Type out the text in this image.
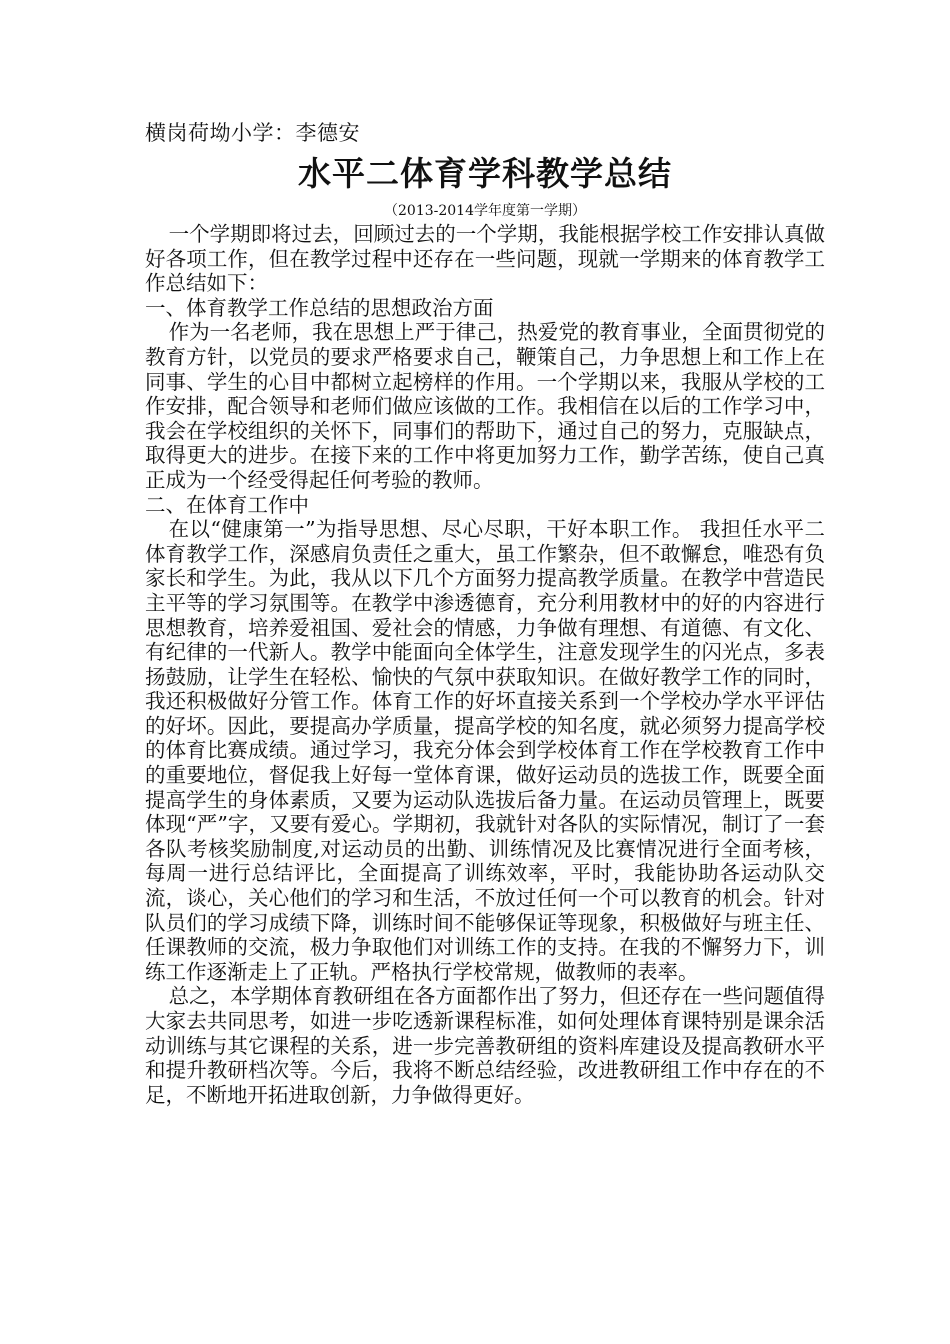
横岗荷坳小学：李德安

水平二体育学科教学总结

（2013-2014学年度第一学期）

一个学期即将过去，回顾过去的一个学期，我能根据学校工作安排认真做好各项工作，但在教学过程中还存在一些问题，现就一学期来的体育教学工作总结如下：

一、体育教学工作总结的思想政治方面

作为一名老师，我在思想上严于律己，热爱党的教育事业，全面贯彻党的教育方针，以党员的要求严格要求自己，鞭策自己，力争思想上和工作上在同事、学生的心目中都树立起榜样的作用。一个学期以来，我服从学校的工作安排，配合领导和老师们做应该做的工作。我相信在以后的工作学习中，我会在学校组织的关怀下，同事们的帮助下，通过自己的努力，克服缺点，取得更大的进步。在接下来的工作中将更加努力工作，勤学苦练，使自己真正成为一个经受得起任何考验的教师。

二、在体育工作中

在以“健康第一”为指导思想、尽心尽职，干好本职工作。 我担任水平二体育教学工作，深感肩负责任之重大，虽工作繁杂，但不敢懈怠，唯恐有负家长和学生。为此，我从以下几个方面努力提高教学质量。在教学中营造民主平等的学习氛围等。在教学中渗透德育，充分利用教材中的好的内容进行思想教育，培养爱祖国、爱社会的情感，力争做有理想、有道德、有文化、有纪律的一代新人。教学中能面向全体学生，注意发现学生的闪光点，多表扬鼓励，让学生在轻松、愉快的气氛中获取知识。在做好教学工作的同时，我还积极做好分管工作。体育工作的好坏直接关系到一个学校办学水平评估的好坏。因此，要提高办学质量，提高学校的知名度，就必须努力提高学校的体育比赛成绩。通过学习，我充分体会到学校体育工作在学校教育工作中的重要地位，督促我上好每一堂体育课，做好运动员的选拔工作，既要全面提高学生的身体素质，又要为运动队选拔后备力量。在运动员管理上，既要体现“严”字，又要有爱心。学期初，我就针对各队的实际情况，制订了一套各队考核奖励制度,对运动员的出勤、训练情况及比赛情况进行全面考核，每周一进行总结评比，全面提高了训练效率，平时，我能协助各运动队交流，谈心，关心他们的学习和生活，不放过任何一个可以教育的机会。针对队员们的学习成绩下降，训练时间不能够保证等现象，积极做好与班主任、任课教师的交流，极力争取他们对训练工作的支持。在我的不懈努力下，训练工作逐渐走上了正轨。严格执行学校常规，做教师的表率。

总之，本学期体育教研组在各方面都作出了努力，但还存在一些问题值得大家去共同思考，如进一步吃透新课程标准，如何处理体育课特别是课余活动训练与其它课程的关系，进一步完善教研组的资料库建设及提高教研水平和提升教研档次等。今后，我将不断总结经验，改进教研组工作中存在的不足，不断地开拓进取创新，力争做得更好。
